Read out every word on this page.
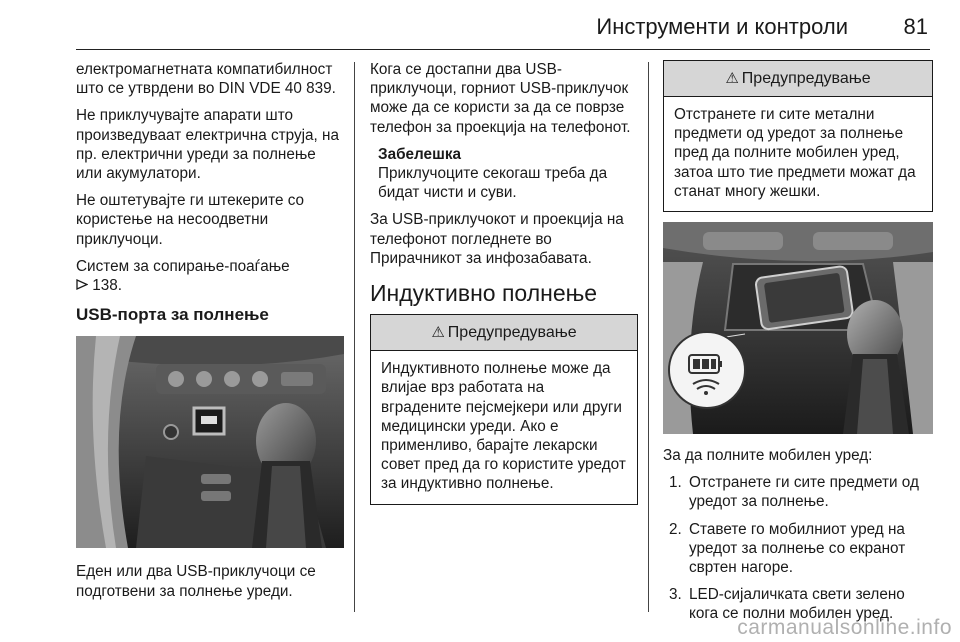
Инструменти и контроли	81

електромагнетната компатибилност што се утврдени во DIN VDE 40 839.

Не приклучувајте апарати што произведуваат електрична струја, на пр. електрични уреди за полнење или акумулатори.

Не оштетувајте ги штекерите со користење на несоодветни приклучоци.

Систем за сопирање-поаѓање
138.

USB-порта за полнење

Еден или два USB-приклучоци се подготвени за полнење уреди.

Кога се достапни два USB-приклучоци, горниот USB-приклучок може да се користи за да се поврзе телефон за проекција на телефонот.

Забелешка
Приклучоците секогаш треба да бидат чисти и суви.

За USB-приклучокот и проекција на телефонот погледнете во Прирачникот за инфозабавата.

Индуктивно полнење
⚠ Предупредување
Индуктивното полнење може да влијае врз работата на вградените пејсмејкери или други медицински уреди. Ако е применливо, барајте лекарски совет пред да го користите уредот за индуктивно полнење.
⚠ Предупредување
Отстранете ги сите метални предмети од уредот за полнење пред да полните мобилен уред, затоа што тие предмети можат да станат многу жешки.

За да полните мобилен уред:

1. Отстранете ги сите предмети од уредот за полнење.
2. Ставете го мобилниот уред на уредот за полнење со екранот свртен нагоре.
3. LED-сијаличката свети зелено кога се полни мобилен уред.
carmanualsonline.info
